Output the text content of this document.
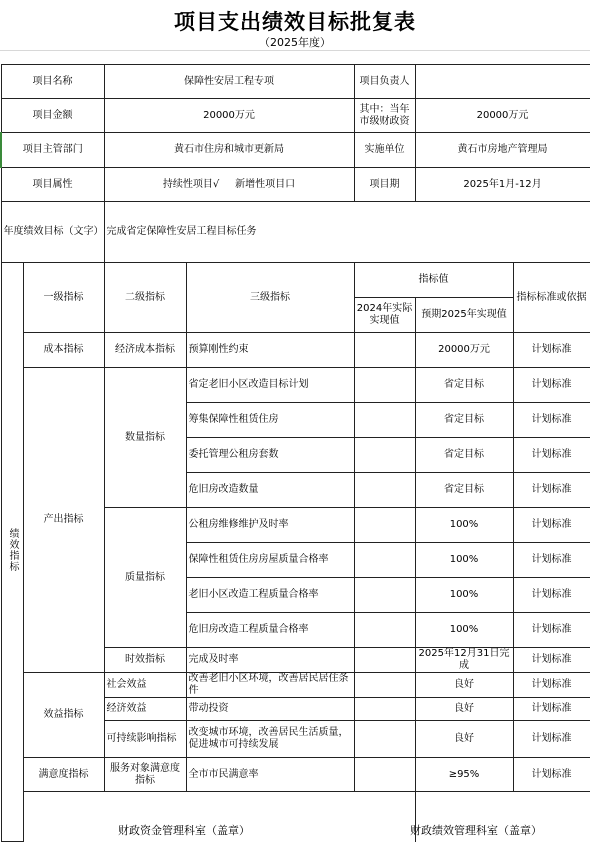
项目支出绩效目标批复表
（2025年度）
项目名称		保障性安居工程专项		项目负责人		
项目金额		20000万元		其中：当年市级财政资	20000万元	
项目主管部门		黄石市住房和城市更新局		实施单位	黄石市房地产管理局	
项目属性		持续性项目√     新增性项目口		项目期	2025年1月-12月	
年度绩效目标（文字）		完成省定保障性安居工程目标任务				
绩效指标	一级指标	二级指标	三级指标	指标值		指标标准或依据
				2024年实际实现值	预期2025年实现值	
	成本指标	经济成本指标	预算刚性约束		20000万元	计划标准
	产出指标	数量指标	省定老旧小区改造目标计划		省定目标	计划标准
			筹集保障性租赁住房		省定目标	计划标准
			委托管理公租房套数		省定目标	计划标准
			危旧房改造数量		省定目标	计划标准
		质量指标	公租房维修维护及时率		100%	计划标准
			保障性租赁住房房屋质量合格率		100%	计划标准
			老旧小区改造工程质量合格率		100%	计划标准
			危旧房改造工程质量合格率		100%	计划标准
		时效指标	完成及时率		2025年12月31日完成	计划标准
	效益指标	社会效益	改善老旧小区环境，改善居民居住条件		良好	计划标准
		经济效益	带动投资		良好	计划标准
		可持续影响指标	改变城市环境，改善居民生活质量，促进城市可持续发展		良好	计划标准
	满意度指标	服务对象满意度指标	全市市民满意率		≥95%	计划标准

财政资金管理科室（盖章）	财政绩效管理科室（盖章）
